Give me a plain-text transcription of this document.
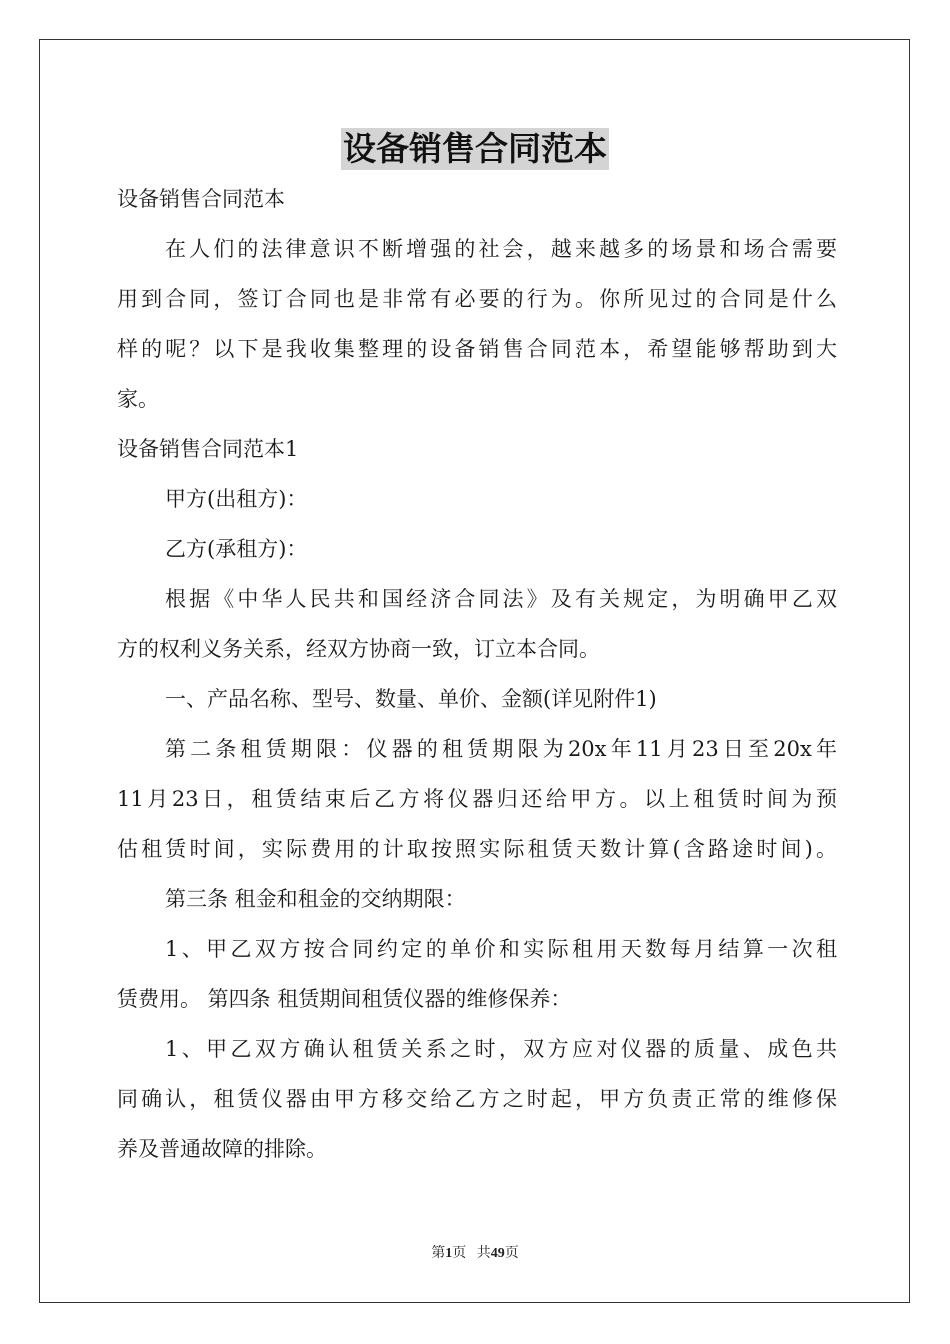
设备销售合同范本
设备销售合同范本
在人们的法律意识不断增强的社会，越来越多的场景和场合需要
用到合同，签订合同也是非常有必要的行为。你所见过的合同是什么
样的呢？以下是我收集整理的设备销售合同范本，希望能够帮助到大
家。
设备销售合同范本1
甲方(出租方)：
乙方(承租方)：
根据《中华人民共和国经济合同法》及有关规定，为明确甲乙双
方的权利义务关系，经双方协商一致，订立本合同。
一、产品名称、型号、数量、单价、金额(详见附件1)
第二条租赁期限：仪器的租赁期限为20x年11月23日至20x年
11月23日，租赁结束后乙方将仪器归还给甲方。以上租赁时间为预
估租赁时间，实际费用的计取按照实际租赁天数计算(含路途时间)。
第三条 租金和租金的交纳期限：
1、甲乙双方按合同约定的单价和实际租用天数每月结算一次租
赁费用。 第四条 租赁期间租赁仪器的维修保养：
1、甲乙双方确认租赁关系之时，双方应对仪器的质量、成色共
同确认，租赁仪器由甲方移交给乙方之时起，甲方负责正常的维修保
养及普通故障的排除。
第1页 共49页
